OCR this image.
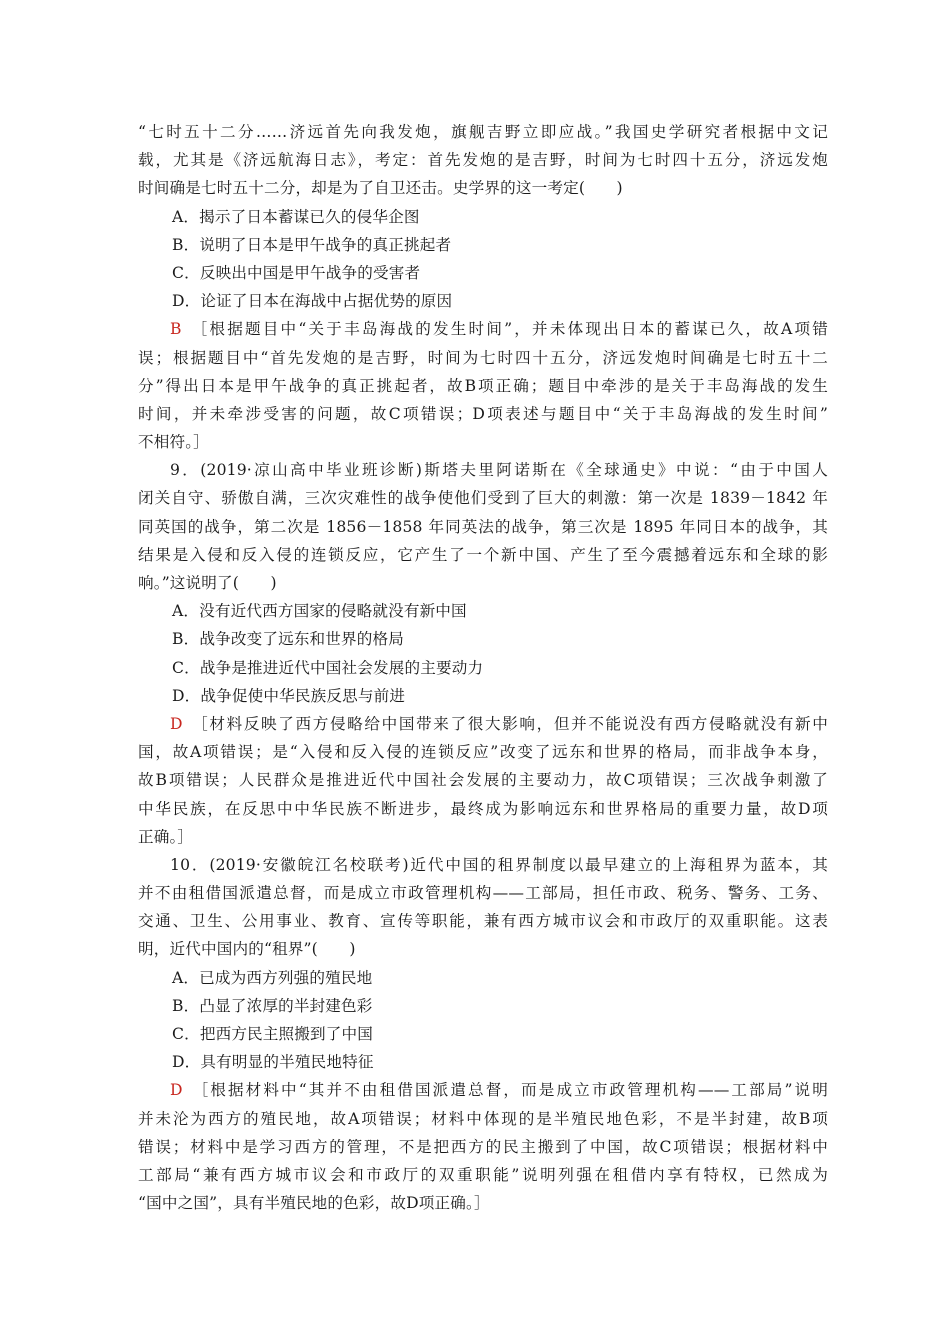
“七时五十二分……济远首先向我发炮，旗舰吉野立即应战。”我国史学研究者根据中文记
载，尤其是《济远航海日志》，考定：首先发炮的是吉野，时间为七时四十五分，济远发炮
时间确是七时五十二分，却是为了自卫还击。史学界的这一考定(　　)
A．揭示了日本蓄谋已久的侵华企图
B．说明了日本是甲午战争的真正挑起者
C．反映出中国是甲午战争的受害者
D．论证了日本在海战中占据优势的原因
B ［根据题目中“关于丰岛海战的发生时间”，并未体现出日本的蓄谋已久，故A项错
误；根据题目中“首先发炮的是吉野，时间为七时四十五分，济远发炮时间确是七时五十二
分”得出日本是甲午战争的真正挑起者，故B项正确；题目中牵涉的是关于丰岛海战的发生
时间，并未牵涉受害的问题，故C项错误；D项表述与题目中“关于丰岛海战的发生时间”
不相符。］
9．(2019·凉山高中毕业班诊断)斯塔夫里阿诺斯在《全球通史》中说：“由于中国人
闭关自守、骄傲自满，三次灾难性的战争使他们受到了巨大的刺激：第一次是 1839－1842 年
同英国的战争，第二次是 1856－1858 年同英法的战争，第三次是 1895 年同日本的战争，其
结果是入侵和反入侵的连锁反应，它产生了一个新中国、产生了至今震撼着远东和全球的影
响。”这说明了(　　)
A．没有近代西方国家的侵略就没有新中国
B．战争改变了远东和世界的格局
C．战争是推进近代中国社会发展的主要动力
D．战争促使中华民族反思与前进
D ［材料反映了西方侵略给中国带来了很大影响，但并不能说没有西方侵略就没有新中
国，故A项错误；是“入侵和反入侵的连锁反应”改变了远东和世界的格局，而非战争本身，
故B项错误；人民群众是推进近代中国社会发展的主要动力，故C项错误；三次战争刺激了
中华民族，在反思中中华民族不断进步，最终成为影响远东和世界格局的重要力量，故D项
正确。］
10．(2019·安徽皖江名校联考)近代中国的租界制度以最早建立的上海租界为蓝本，其
并不由租借国派遣总督，而是成立市政管理机构——工部局，担任市政、税务、警务、工务、
交通、卫生、公用事业、教育、宣传等职能，兼有西方城市议会和市政厅的双重职能。这表
明，近代中国内的“租界”(　　)
A．已成为西方列强的殖民地
B．凸显了浓厚的半封建色彩
C．把西方民主照搬到了中国
D．具有明显的半殖民地特征
D ［根据材料中“其并不由租借国派遣总督，而是成立市政管理机构——工部局”说明
并未沦为西方的殖民地，故A项错误；材料中体现的是半殖民地色彩，不是半封建，故B项
错误；材料中是学习西方的管理，不是把西方的民主搬到了中国，故C项错误；根据材料中
工部局“兼有西方城市议会和市政厅的双重职能”说明列强在租借内享有特权，已然成为
“国中之国”，具有半殖民地的色彩，故D项正确。］
